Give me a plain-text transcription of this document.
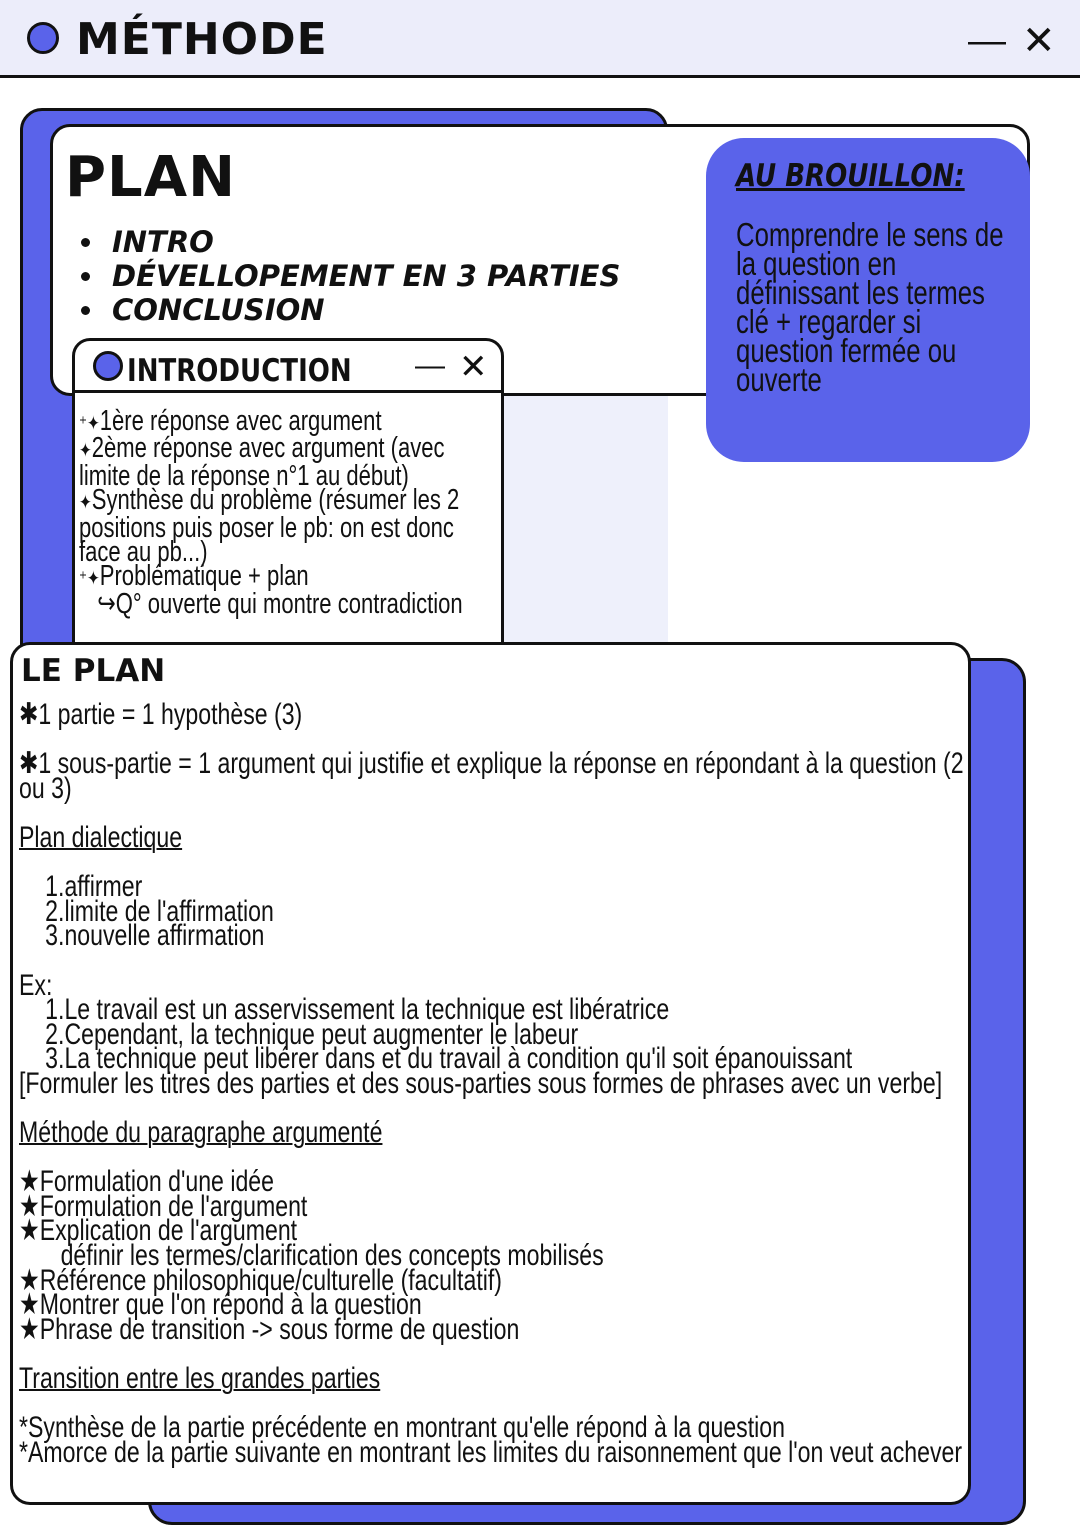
MÉTHODE	— ✕
PLAN
INTRO
DÉVELLOPEMENT EN 3 PARTIES
CONCLUSION
AU BROUILLON:
Comprendre le sens de
la question en
définissant les termes
clé + regarder si
question fermée ou
ouverte
INTRODUCTION — ✕
⁺✦1ère réponse avec argument
✦2ème réponse avec argument (avec
limite de la réponse n°1 au début)
✦Synthèse du problème (résumer les 2
positions puis poser le pb: on est donc
face au pb...)
⁺✦Problématique + plan
↪Q° ouverte qui montre contradiction
LE PLAN
✱1 partie = 1 hypothèse (3)
✱1 sous-partie = 1 argument qui justifie et explique la réponse en répondant à la question (2
ou 3)
Plan dialectique
1.affirmer
2.limite de l'affirmation
3.nouvelle affirmation
Ex:
1.Le travail est un asservissement la technique est libératrice
2.Cependant, la technique peut augmenter le labeur
3.La technique peut libérer dans et du travail à condition qu'il soit épanouissant
[Formuler les titres des parties et des sous-parties sous formes de phrases avec un verbe]
Méthode du paragraphe argumenté
★Formulation d'une idée
★Formulation de l'argument
★Explication de l'argument
définir les termes/clarification des concepts mobilisés
★Référence philosophique/culturelle (facultatif)
★Montrer que l'on répond à la question
★Phrase de transition -> sous forme de question
Transition entre les grandes parties
*Synthèse de la partie précédente en montrant qu'elle répond à la question
*Amorce de la partie suivante en montrant les limites du raisonnement que l'on veut achever
